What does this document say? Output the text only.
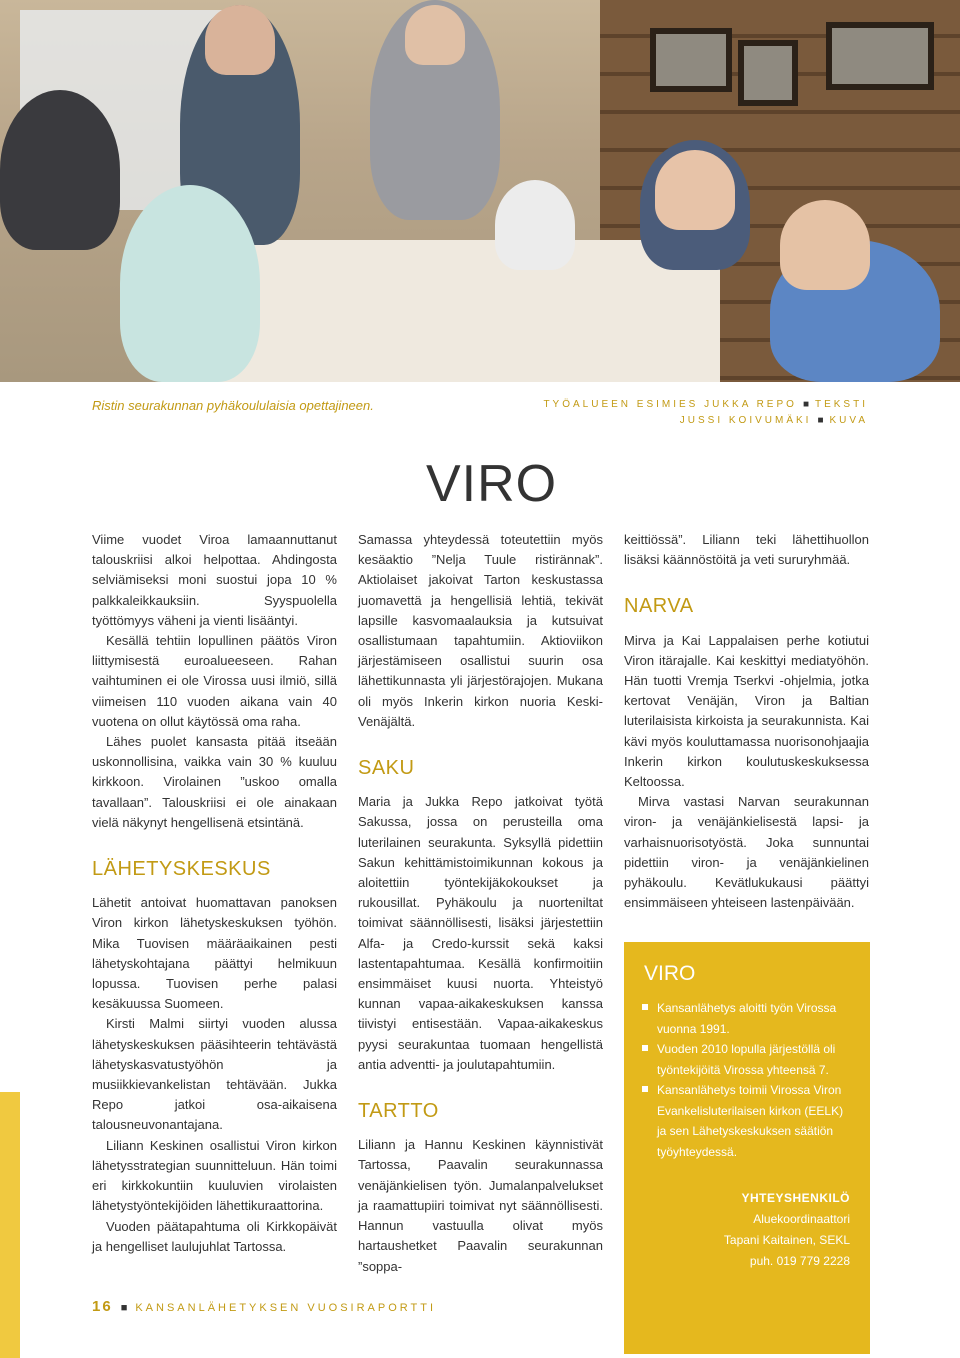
Ristin seurakunnan pyhäkoululaisia opettajineen.	TYÖALUEEN ESIMIES JUKKA REPO ■ TEKSTI
JUSSI KOIVUMÄKI ■ KUVA
VIRO

Viime vuodet Viroa lamaannuttanut talouskriisi alkoi helpottaa. Ahdingosta selviämiseksi moni suostui jopa 10 % palkkaleikkauksiin. Syyspuolella työttömyys väheni ja vienti lisääntyi.

Kesällä tehtiin lopullinen päätös Viron liittymisestä euroalueeseen. Rahan vaihtuminen ei ole Virossa uusi ilmiö, sillä viimeisen 110 vuoden aikana vain 40 vuotena on ollut käytössä oma raha.

Lähes puolet kansasta pitää itseään uskonnollisina, vaikka vain 30 % kuuluu kirkkoon. Virolainen ”uskoo omalla tavallaan”. Talouskriisi ei ole ainakaan vielä näkynyt hengellisenä etsintänä.

LÄHETYSKESKUS

Lähetit antoivat huomattavan panoksen Viron kirkon lähetyskeskuksen työhön. Mika Tuovisen määräaikainen pesti lähetyskohtajana päättyi helmikuun lopussa. Tuovisen perhe palasi kesäkuussa Suomeen.

Kirsti Malmi siirtyi vuoden alussa lähetyskeskuksen pääsihteerin tehtävästä lähetyskasvatustyöhön ja musiikkievankelistan tehtävään. Jukka Repo jatkoi osa-aikaisena talousneuvonantajana.

Liliann Keskinen osallistui Viron kirkon lähetysstrategian suunnitteluun. Hän toimi eri kirkkokuntiin kuuluvien virolaisten lähetystyöntekijöiden lähettikuraattorina.

Vuoden päätapahtuma oli Kirkkopäivät ja hengelliset laulujuhlat Tartossa.

Samassa yhteydessä toteutettiin myös kesäaktio ”Nelja Tuule ristirännak”. Aktiolaiset jakoivat Tarton keskustassa juomavettä ja hengellisiä lehtiä, tekivät lapsille kasvomaalauksia ja kutsuivat osallistumaan tapahtumiin. Aktioviikon järjestämiseen osallistui suurin osa lähettikunnasta yli järjestörajojen. Mukana oli myös Inkerin kirkon nuoria Keski-Venäjältä.

SAKU

Maria ja Jukka Repo jatkoivat työtä Sakussa, jossa on perusteilla oma luterilainen seurakunta. Syksyllä pidettiin Sakun kehittämistoimikunnan kokous ja aloitettiin työntekijäkokoukset ja rukousillat. Pyhäkoulu ja nuorteniltat toimivat säännöllisesti, lisäksi järjestettiin Alfa- ja Credo-kurssit sekä kaksi lastentapahtumaa. Kesällä konfirmoitiin ensimmäiset kuusi nuorta. Yhteistyö kunnan vapaa-aikakeskuksen kanssa tiivistyi entisestään. Vapaa-aikakeskus pyysi seurakuntaa tuomaan hengellistä antia adventti- ja joulutapahtumiin.

TARTTO

Liliann ja Hannu Keskinen käynnistivät Tartossa, Paavalin seurakunnassa venäjänkielisen työn. Jumalanpalvelukset ja raamattupiiri toimivat nyt säännöllisesti. Hannun vastuulla olivat myös hartaushetket Paavalin seurakunnan ”soppa-

keittiössä”. Liliann teki lähettihuollon lisäksi käännöstöitä ja veti sururyhmää.

NARVA

Mirva ja Kai Lappalaisen perhe kotiutui Viron itärajalle. Kai keskittyi mediatyöhön. Hän tuotti Vremja Tserkvi -ohjelmia, jotka kertovat Venäjän, Viron ja Baltian luterilaisista kirkoista ja seurakunnista. Kai kävi myös kouluttamassa nuorisonohjaajia Inkerin kirkon koulutuskeskuksessa Keltoossa.

Mirva vastasi Narvan seurakunnan viron- ja venäjänkielisestä lapsi- ja varhaisnuorisotyöstä. Joka sunnuntai pidettiin viron- ja venäjänkielinen pyhäkoulu. Kevätlukukausi päättyi ensimmäiseen yhteiseen lastenpäivään.

VIRO
Kansanlähetys aloitti työn Virossa vuonna 1991.
Vuoden 2010 lopulla järjestöllä oli työntekijöitä Virossa yhteensä 7.
Kansanlähetys toimii Virossa Viron Evankelisluterilaisen kirkon (EELK) ja sen Lähetyskeskuksen säätiön työyhteydessä.
YHTEYSHENKILÖ
Aluekoordinaattori
Tapani Kaitainen, SEKL
puh. 019 779 2228
16 ■ KANSANLÄHETYKSEN VUOSIRAPORTTI
